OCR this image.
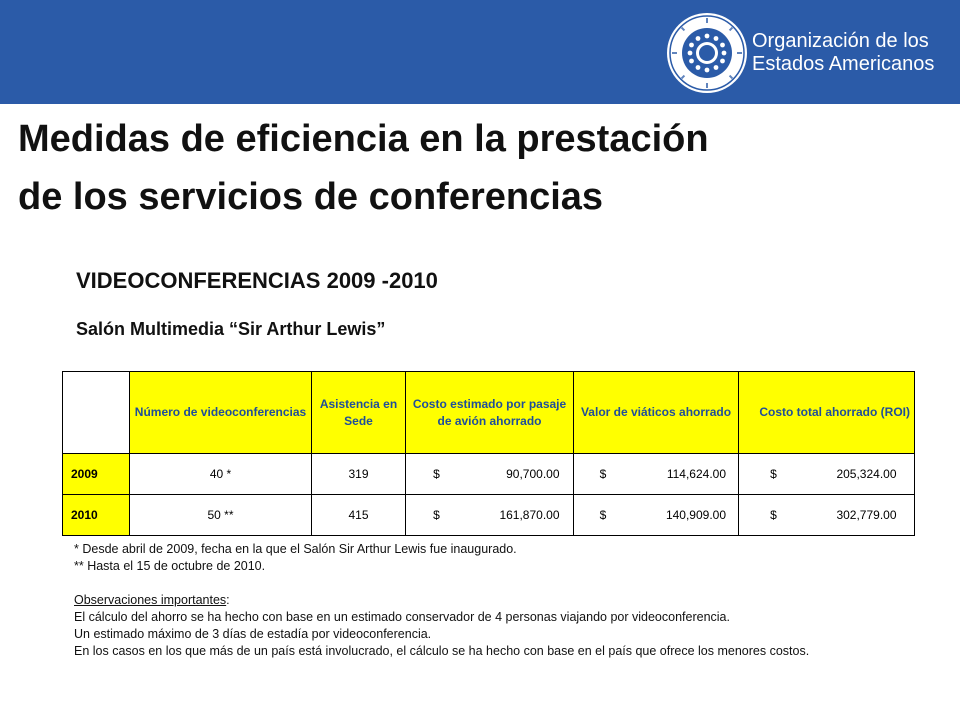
Organización de los
Estados Americanos
Medidas de eficiencia en la prestación
de los servicios de conferencias
VIDEOCONFERENCIAS 2009 -2010
Salón Multimedia “Sir Arthur Lewis”
	Número de videoconferencias	Asistencia en Sede	Costo estimado por pasaje de avión ahorrado	Valor de viáticos ahorrado	Costo total ahorrado (ROI)
2009	40 *	319	$ 90,700.00	$ 114,624.00	$ 205,324.00
2010	50 **	415	$ 161,870.00	$ 140,909.00	$ 302,779.00
* Desde abril de 2009, fecha en la que el Salón Sir Arthur Lewis fue inaugurado.
** Hasta el 15 de octubre de 2010.
Observaciones importantes:
El cálculo del ahorro se ha hecho con base en un estimado conservador de 4 personas viajando por videoconferencia.
Un estimado máximo de 3 días de estadía por videoconferencia.
En los casos en los que más de un país está involucrado, el cálculo se ha hecho con base en el país que ofrece los menores costos.
